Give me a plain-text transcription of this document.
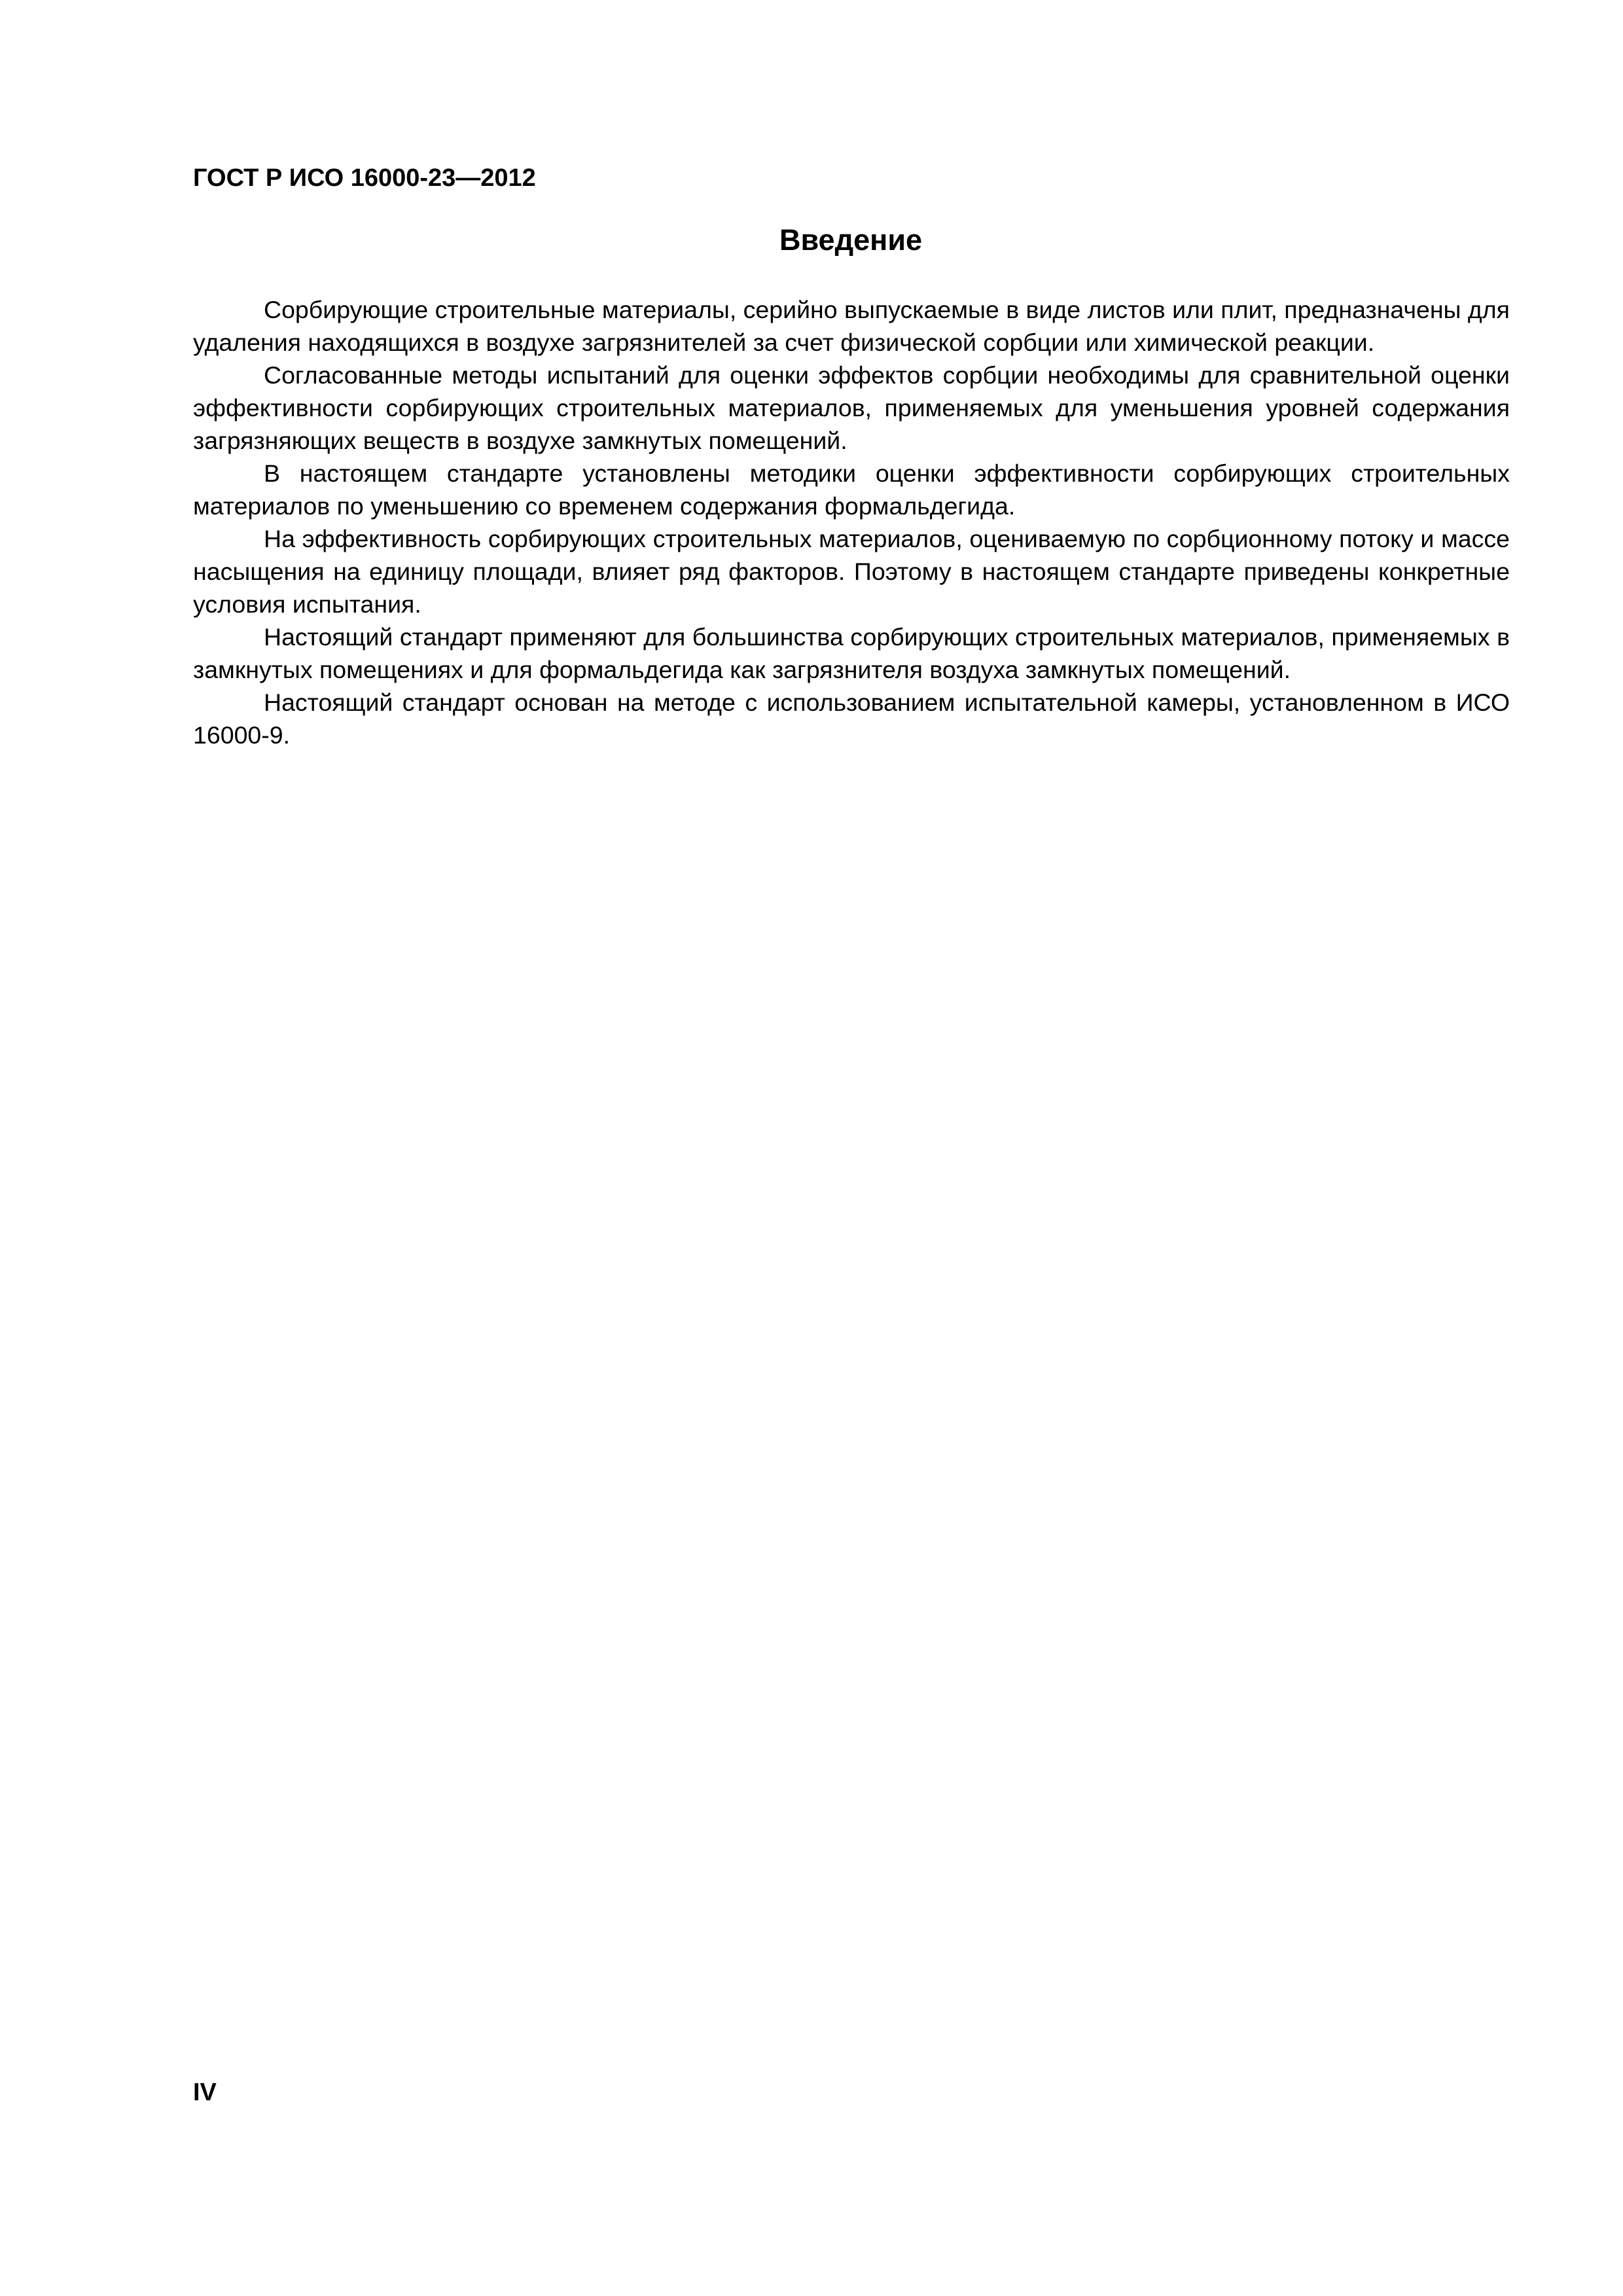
ГОСТ Р ИСО 16000-23—2012
Введение

Сорбирующие строительные материалы, серийно выпускаемые в виде листов или плит, предназначены для удаления находящихся в воздухе загрязнителей за счет физической сорбции или химической реакции.

Согласованные методы испытаний для оценки эффектов сорбции необходимы для сравнительной оценки эффективности сорбирующих строительных материалов, применяемых для уменьшения уровней содержания загрязняющих веществ в воздухе замкнутых помещений.

В настоящем стандарте установлены методики оценки эффективности сорбирующих строительных материалов по уменьшению со временем содержания формальдегида.

На эффективность сорбирующих строительных материалов, оцениваемую по сорбционному потоку и массе насыщения на единицу площади, влияет ряд факторов. Поэтому в настоящем стандарте приведены конкретные условия испытания.

Настоящий стандарт применяют для большинства сорбирующих строительных материалов, применяемых в замкнутых помещениях и для формальдегида как загрязнителя воздуха замкнутых помещений.

Настоящий стандарт основан на методе с использованием испытательной камеры, установленном в ИСО 16000-9.

IV
